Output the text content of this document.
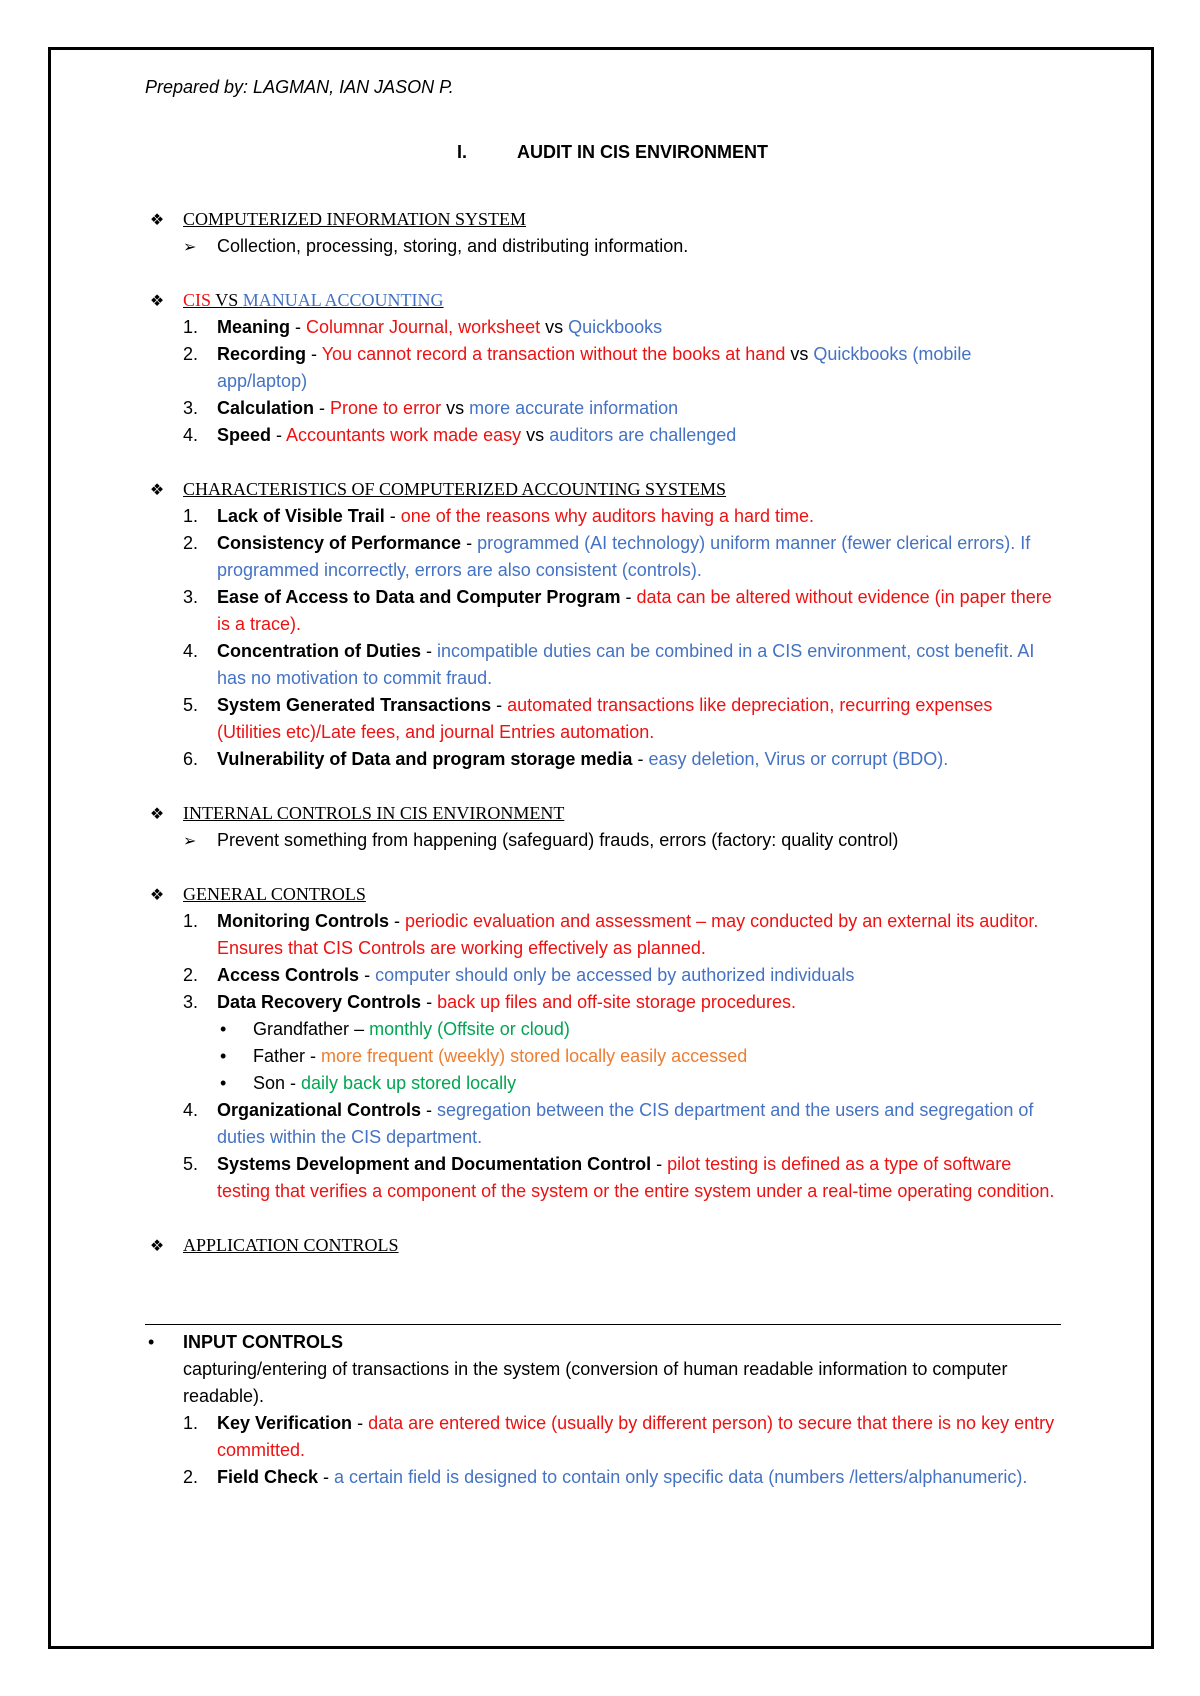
Prepared by: LAGMAN, IAN JASON P.
I.	AUDIT IN CIS ENVIRONMENT
❖ COMPUTERIZED INFORMATION SYSTEM
➢ Collection, processing, storing, and distributing information.
❖ CIS VS MANUAL ACCOUNTING
1. Meaning - Columnar Journal, worksheet vs Quickbooks
2. Recording - You cannot record a transaction without the books at hand vs Quickbooks (mobile app/laptop)
3. Calculation - Prone to error vs more accurate information
4. Speed - Accountants work made easy vs auditors are challenged
❖ CHARACTERISTICS OF COMPUTERIZED ACCOUNTING SYSTEMS
1. Lack of Visible Trail - one of the reasons why auditors having a hard time.
2. Consistency of Performance - programmed (AI technology) uniform manner (fewer clerical errors). If programmed incorrectly, errors are also consistent (controls).
3. Ease of Access to Data and Computer Program - data can be altered without evidence (in paper there is a trace).
4. Concentration of Duties - incompatible duties can be combined in a CIS environment, cost benefit. AI has no motivation to commit fraud.
5. System Generated Transactions - automated transactions like depreciation, recurring expenses (Utilities etc)/Late fees, and journal Entries automation.
6. Vulnerability of Data and program storage media - easy deletion, Virus or corrupt (BDO).
❖ INTERNAL CONTROLS IN CIS ENVIRONMENT
➢ Prevent something from happening (safeguard) frauds, errors (factory: quality control)
❖ GENERAL CONTROLS
1. Monitoring Controls - periodic evaluation and assessment – may conducted by an external its auditor. Ensures that CIS Controls are working effectively as planned.
2. Access Controls - computer should only be accessed by authorized individuals
3. Data Recovery Controls - back up files and off-site storage procedures.
• Grandfather – monthly (Offsite or cloud)
• Father - more frequent (weekly) stored locally easily accessed
• Son - daily back up stored locally
4. Organizational Controls - segregation between the CIS department and the users and segregation of duties within the CIS department.
5. Systems Development and Documentation Control - pilot testing is defined as a type of software testing that verifies a component of the system or the entire system under a real-time operating condition.
❖ APPLICATION CONTROLS
• INPUT CONTROLS
capturing/entering of transactions in the system (conversion of human readable information to computer readable).
1. Key Verification - data are entered twice (usually by different person) to secure that there is no key entry committed.
2. Field Check - a certain field is designed to contain only specific data (numbers /letters/alphanumeric).
